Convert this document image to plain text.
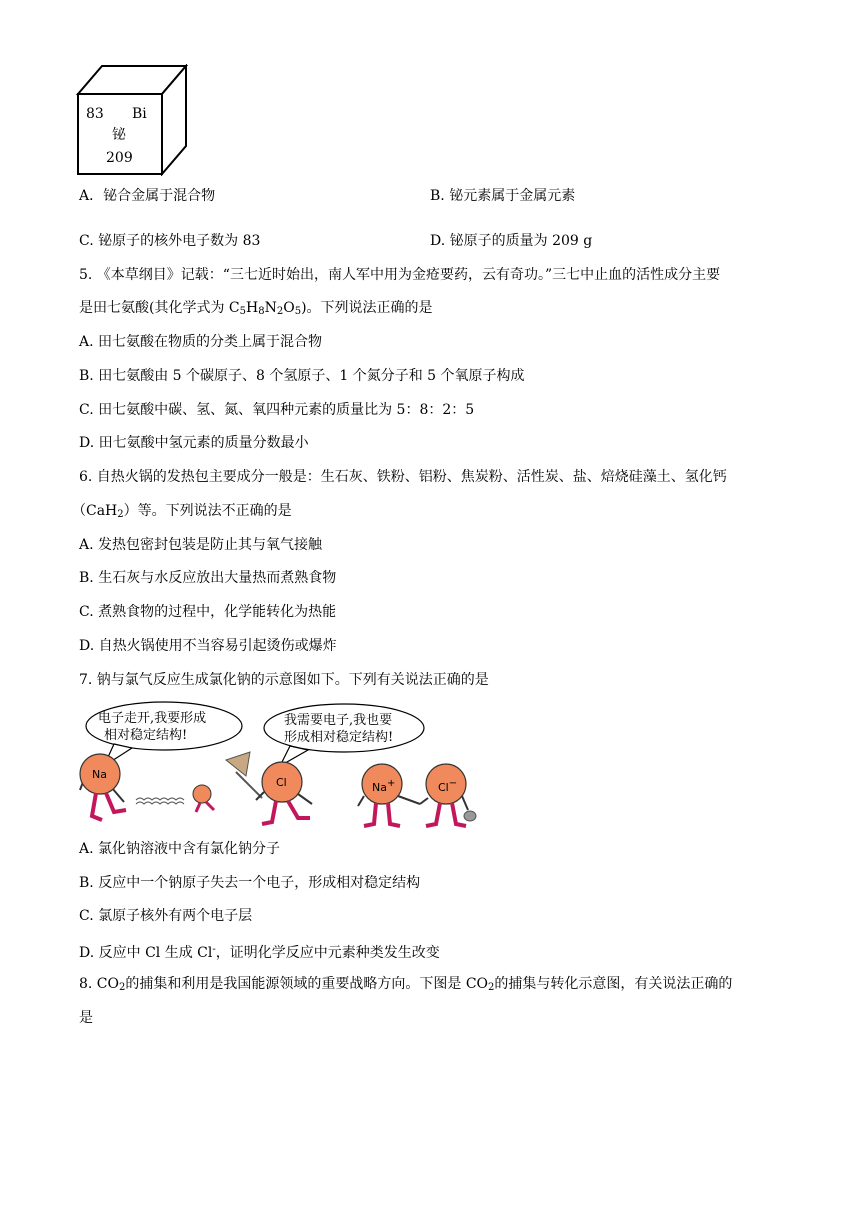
83 Bi
铋
209
A．铋合金属于混合物	B. 铋元素属于金属元素
C. 铋原子的核外电子数为 83	D. 铋原子的质量为 209 g
5. 《本草纲目》记载：“三七近时始出，南人军中用为金疮要药，云有奇功。”三七中止血的活性成分主要
是田七氨酸(其化学式为 $C_5H_8N_2O_5$)。下列说法正确的是
A. 田七氨酸在物质的分类上属于混合物
B. 田七氨酸由 5 个碳原子、8 个氢原子、1 个氮分子和 5 个氧原子构成
C. 田七氨酸中碳、氢、氮、氧四种元素的质量比为 5：8：2：5
D. 田七氨酸中氢元素的质量分数最小
6. 自热火锅的发热包主要成分一般是：生石灰、铁粉、铝粉、焦炭粉、活性炭、盐、焙烧硅藻土、氢化钙
（CaH$_2$）等。下列说法不正确的是
A. 发热包密封包装是防止其与氧气接触
B. 生石灰与水反应放出大量热而煮熟食物
C. 煮熟食物的过程中，化学能转化为热能
D. 自热火锅使用不当容易引起烫伤或爆炸
7. 钠与氯气反应生成氯化钠的示意图如下。下列有关说法正确的是
电子走开,我要形成
相对稳定结构!
我需要电子,我也要
形成相对稳定结构!
Na
Cl	Na+	Cl−
A. 氯化钠溶液中含有氯化钠分子
B. 反应中一个钠原子失去一个电子，形成相对稳定结构
C. 氯原子核外有两个电子层
D. 反应中 Cl 生成 Cl-，证明化学反应中元素种类发生改变
8. $CO_2$的捕集和利用是我国能源领域的重要战略方向。下图是 $CO_2$的捕集与转化示意图，有关说法正确的
是
